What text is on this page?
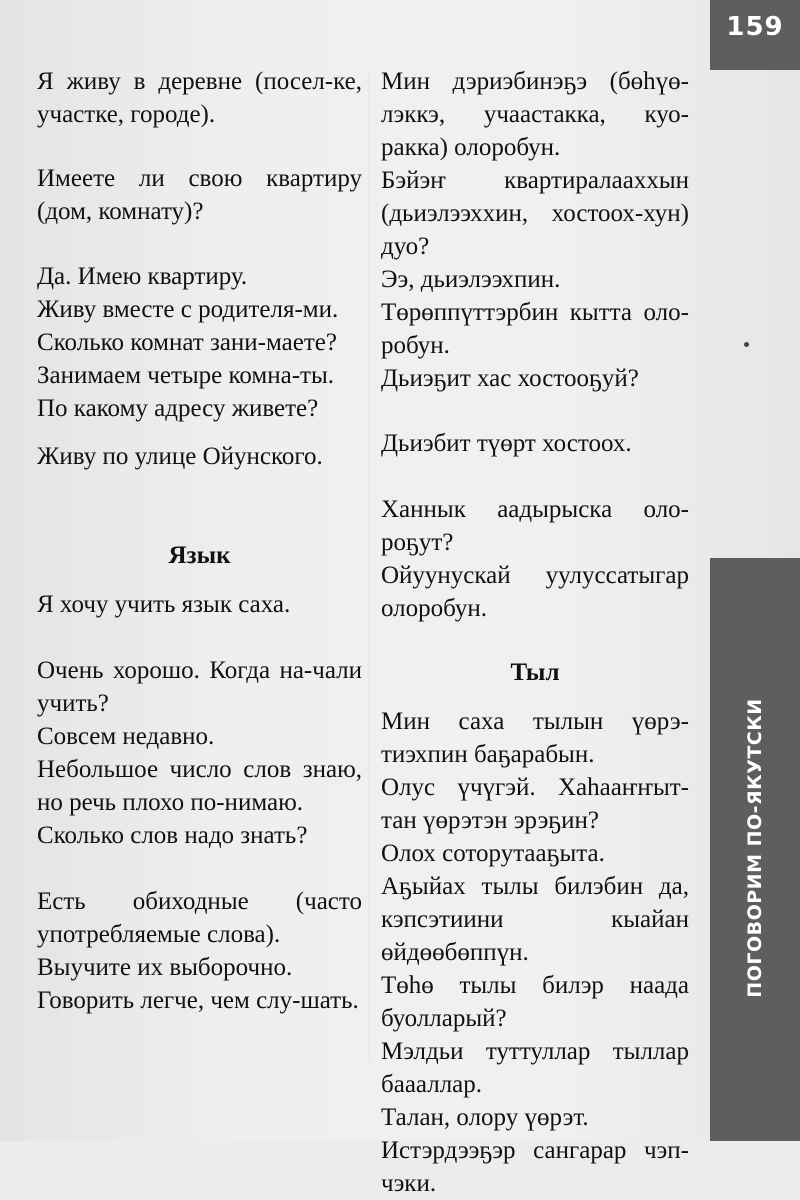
159
ПОГОВОРИМ ПО-ЯКУТСКИ

Я живу в деревне (посел-ке, участке, городе).

Имеете ли свою квартиру (дом, комнату)?

Да. Имею квартиру.

Живу вместе с родителя-ми.

Сколько комнат зани-маете?

Занимаем четыре комна-ты.

По какому адресу живете?

Живу по улице Ойунского.

Язык

Я хочу учить язык саха.

Очень хорошо. Когда на-чали учить?

Совсем недавно.

Небольшое число слов знаю, но речь плохо по-нимаю.

Сколько слов надо знать?

Есть обиходные (часто употребляемые слова).

Выучите их выборочно.

Говорить легче, чем слу-шать.

Мин дэриэбинэҕэ (бөһүө-лэккэ, учаастакка, куо-ракка) олоробун.

Бэйэҥ квартиралааххын (дьиэлээххин, хостоох-хун) дуо?

Ээ, дьиэлээхпин.

Төрөппүттэрбин кытта оло-робун.

Дьиэҕит хас хостооҕуй?

Дьиэбит түөрт хостоох.

Ханнык аадырыска оло-роҕут?

Ойуунускай уулуссатыгар олоробун.

Тыл

Мин саха тылын үөрэ-тиэхпин баҕарабын.

Олус үчүгэй. Хаһааҥҥыт-тан үөрэтэн эрэҕин?

Олох соторутааҕыта.

Аҕыйах тылы билэбин да, кэпсэтиини кыайан өйдөөбөппүн.

Төһө тылы билэр наада буолларый?

Мэлдьи туттуллар тыллар баааллар.

Талан, олору үөрэт.

Истэрдээҕэр сангарар чэп-чэки.
